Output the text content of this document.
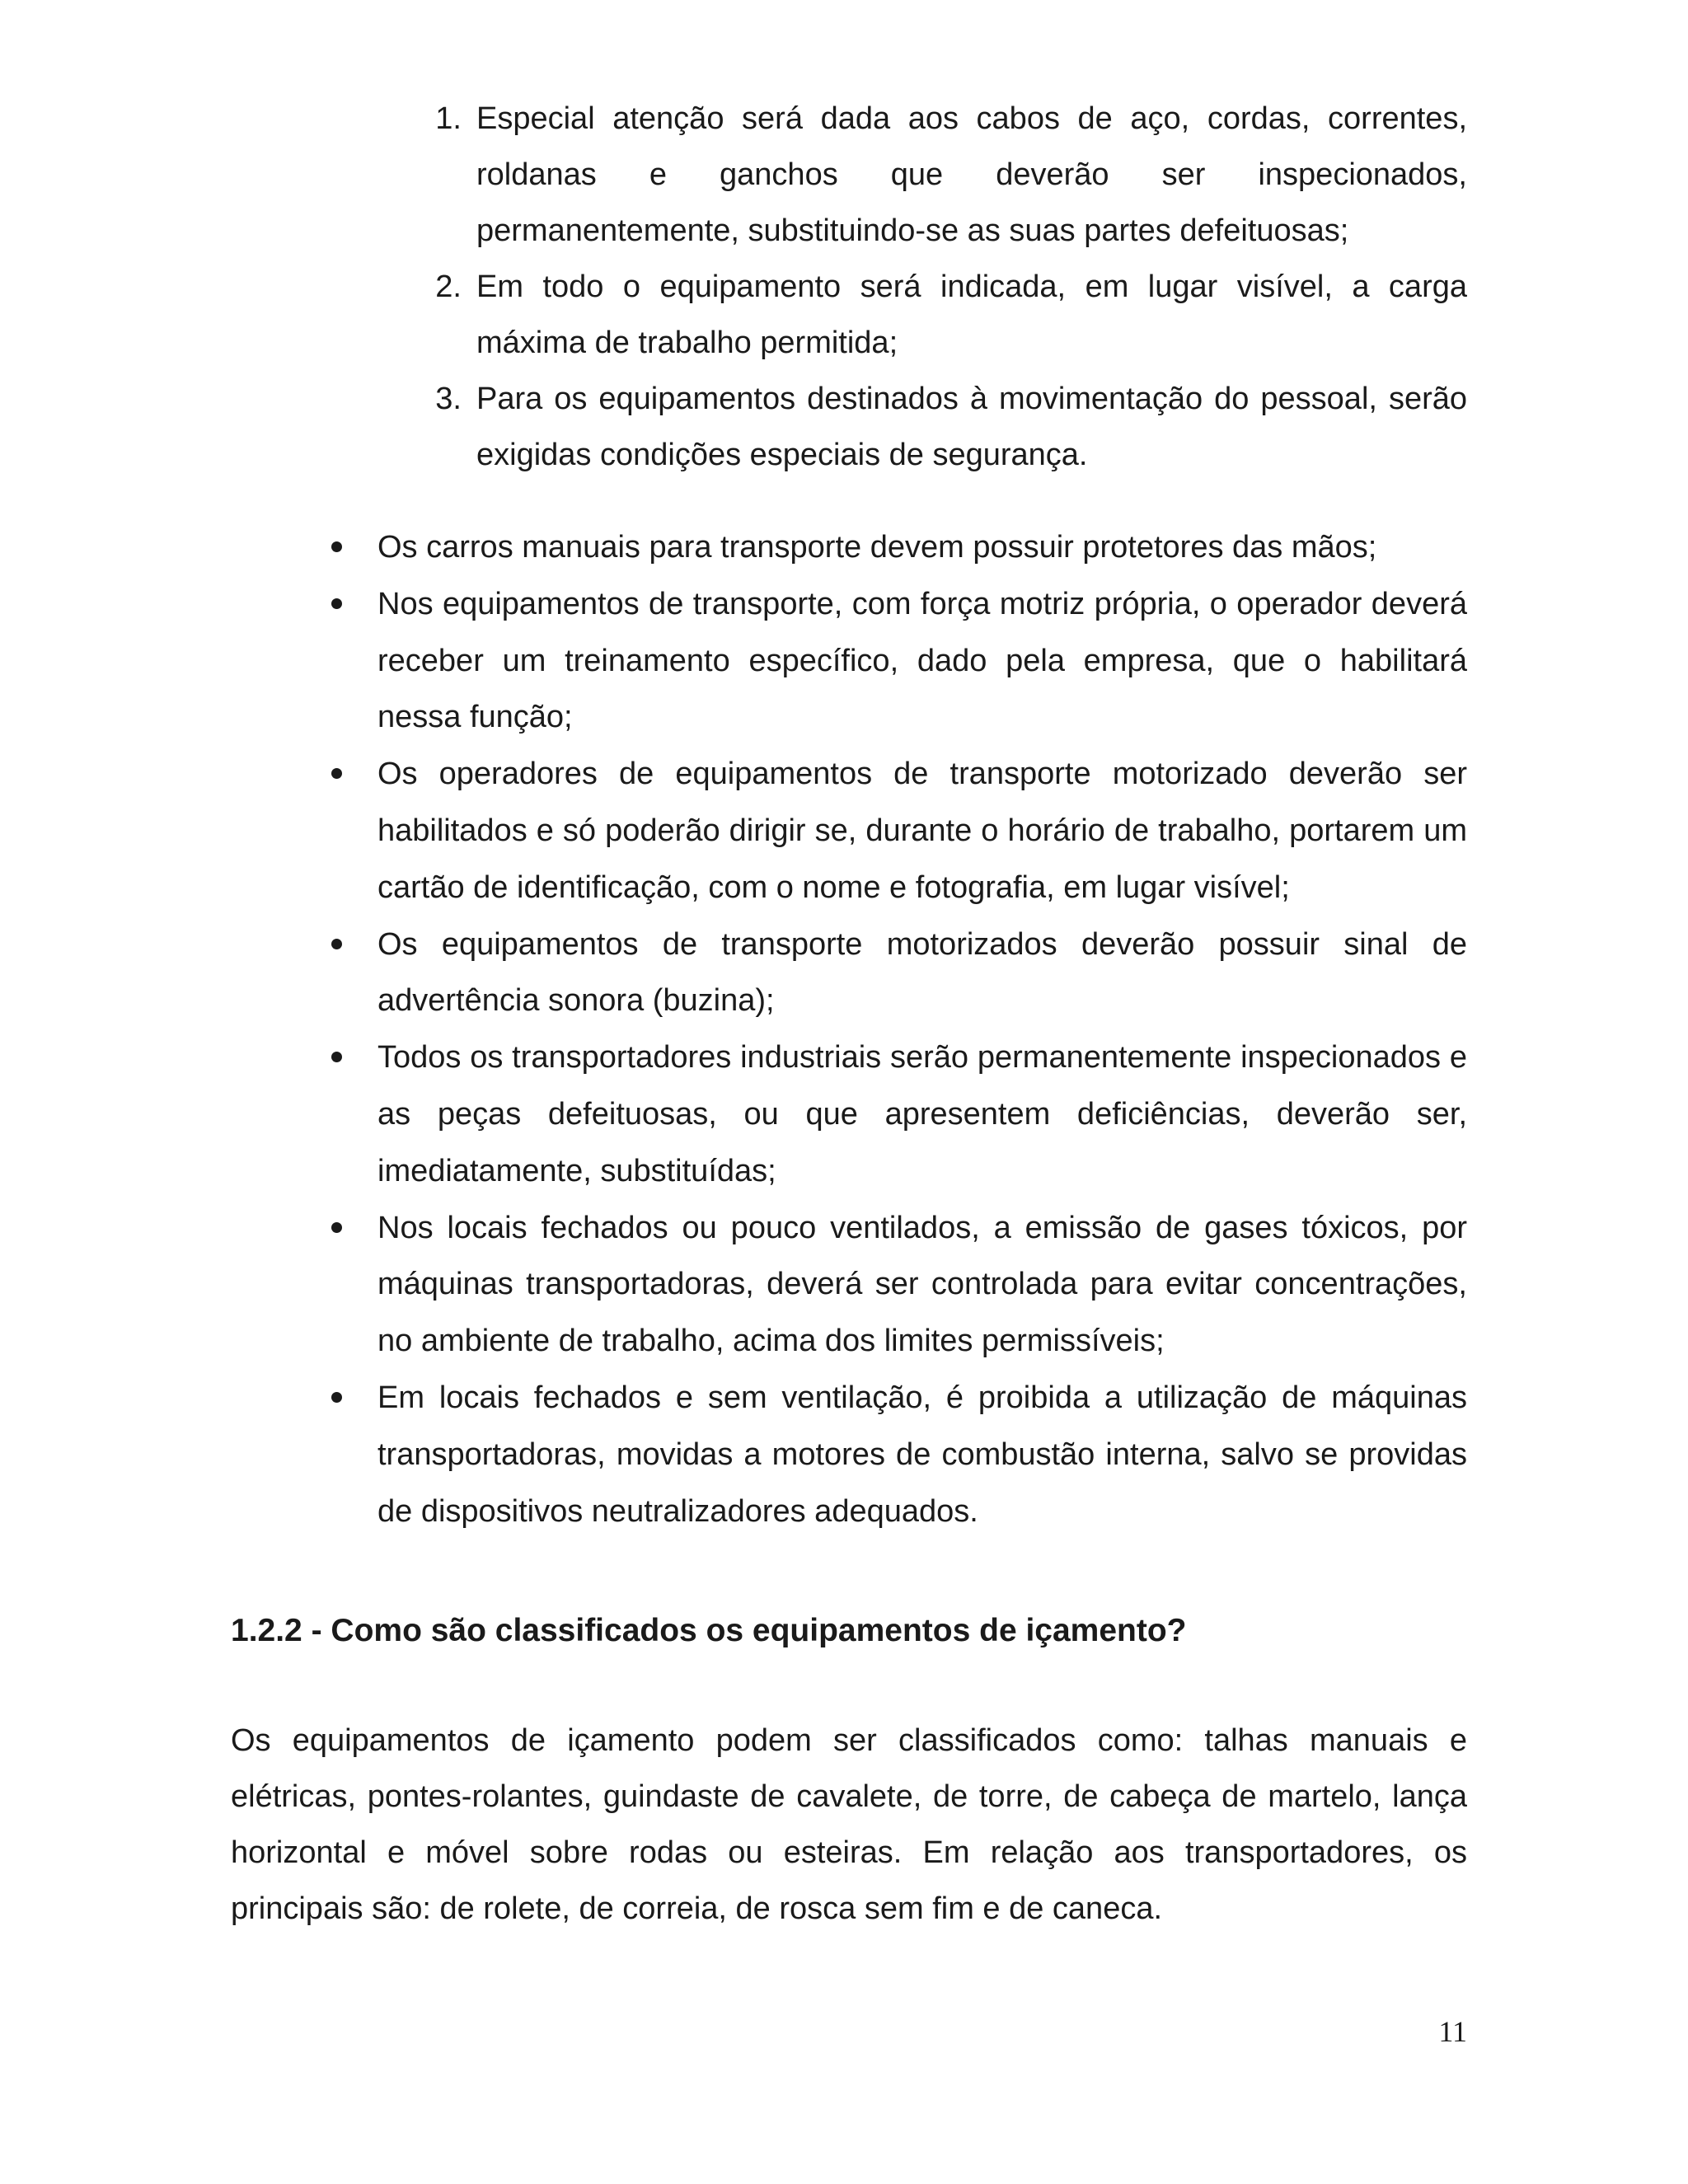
1. Especial atenção será dada aos cabos de aço, cordas, correntes, roldanas e ganchos que deverão ser inspecionados, permanentemente, substituindo-se as suas partes defeituosas;
2. Em todo o equipamento será indicada, em lugar visível, a carga máxima de trabalho permitida;
3. Para os equipamentos destinados à movimentação do pessoal, serão exigidas condições especiais de segurança.
Os carros manuais para transporte devem possuir protetores das mãos;
Nos equipamentos de transporte, com força motriz própria, o operador deverá receber um treinamento específico, dado pela empresa, que o habilitará nessa função;
Os operadores de equipamentos de transporte motorizado deverão ser habilitados e só poderão dirigir se, durante o horário de trabalho, portarem um cartão de identificação, com o nome e fotografia, em lugar visível;
Os equipamentos de transporte motorizados deverão possuir sinal de advertência sonora (buzina);
Todos os transportadores industriais serão permanentemente inspecionados e as peças defeituosas, ou que apresentem deficiências, deverão ser, imediatamente, substituídas;
Nos locais fechados ou pouco ventilados, a emissão de gases tóxicos, por máquinas transportadoras, deverá ser controlada para evitar concentrações, no ambiente de trabalho, acima dos limites permissíveis;
Em locais fechados e sem ventilação, é proibida a utilização de máquinas transportadoras, movidas a motores de combustão interna, salvo se providas de dispositivos neutralizadores adequados.
1.2.2 - Como são classificados os equipamentos de içamento?

Os equipamentos de içamento podem ser classificados como: talhas manuais e elétricas, pontes-rolantes, guindaste de cavalete, de torre, de cabeça de martelo, lança horizontal e móvel sobre rodas ou esteiras. Em relação aos transportadores, os principais são: de rolete, de correia, de rosca sem fim e de caneca.

11
